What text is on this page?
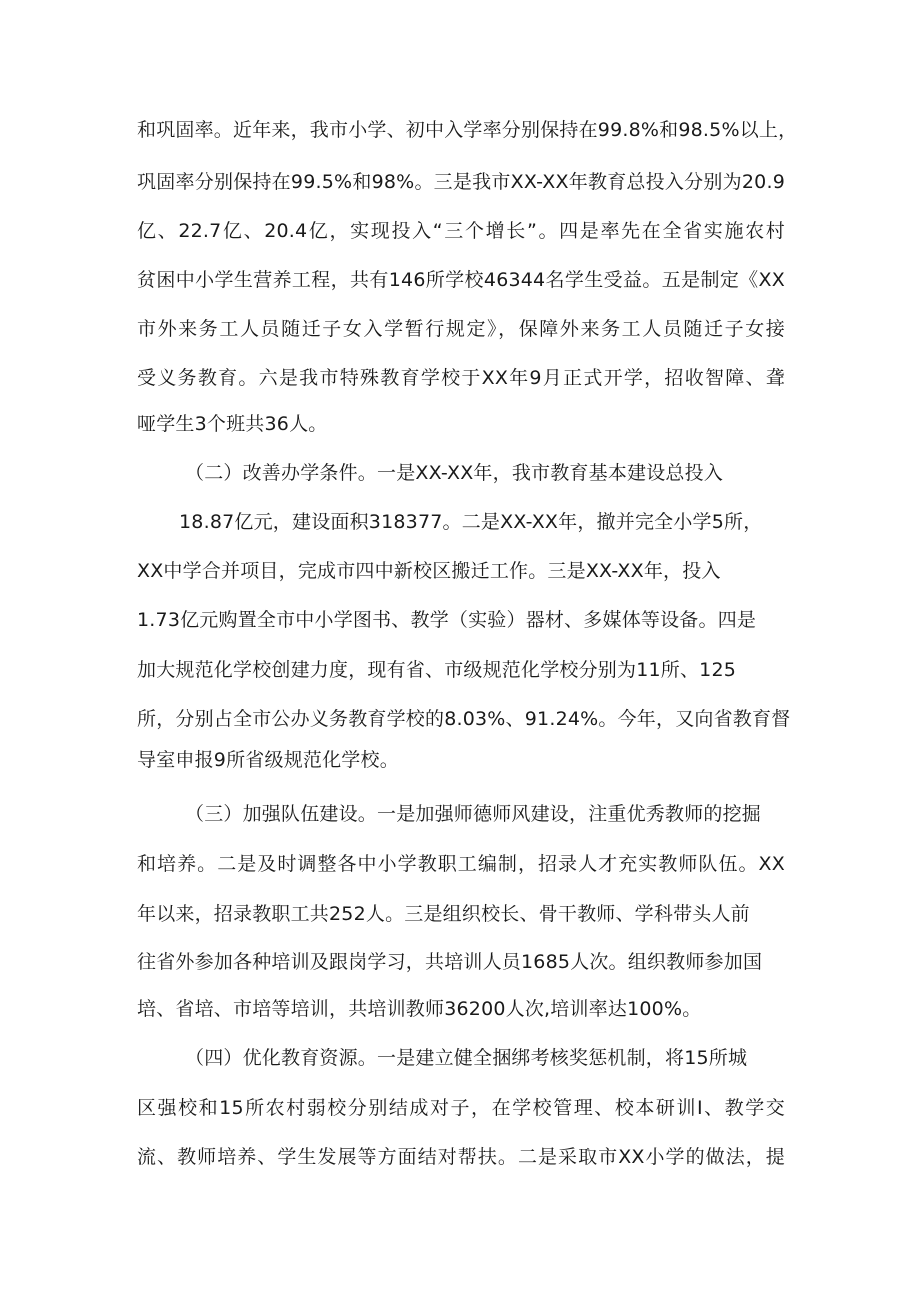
和巩固率。近年来，我市小学、初中入学率分别保持在99.8%和98.5%以上，
巩固率分别保持在99.5%和98%。三是我市XX-XX年教育总投入分别为20.9
亿、22.7亿、20.4亿，实现投入“三个增长”。四是率先在全省实施农村
贫困中小学生营养工程，共有146所学校46344名学生受益。五是制定《XX
市外来务工人员随迁子女入学暂行规定》，保障外来务工人员随迁子女接
受义务教育。六是我市特殊教育学校于XX年9月正式开学，招收智障、聋
哑学生3个班共36人。
（二）改善办学条件。一是XX-XX年，我市教育基本建设总投入
18.87亿元，建设面积318377。二是XX-XX年，撤并完全小学5所，
XX中学合并项目，完成市四中新校区搬迁工作。三是XX-XX年，投入
1.73亿元购置全市中小学图书、教学（实验）器材、多媒体等设备。四是
加大规范化学校创建力度，现有省、市级规范化学校分别为11所、125
所，分别占全市公办义务教育学校的8.03%、91.24%。今年，又向省教育督
导室申报9所省级规范化学校。
（三）加强队伍建设。一是加强师德师风建设，注重优秀教师的挖掘
和培养。二是及时调整各中小学教职工编制，招录人才充实教师队伍。XX
年以来，招录教职工共252人。三是组织校长、骨干教师、学科带头人前
往省外参加各种培训及跟岗学习，共培训人员1685人次。组织教师参加国
培、省培、市培等培训，共培训教师36200人次,培训率达100%。
（四）优化教育资源。一是建立健全捆绑考核奖惩机制，将15所城
区强校和15所农村弱校分别结成对子，在学校管理、校本研训I、教学交
流、教师培养、学生发展等方面结对帮扶。二是采取市XX小学的做法，提
